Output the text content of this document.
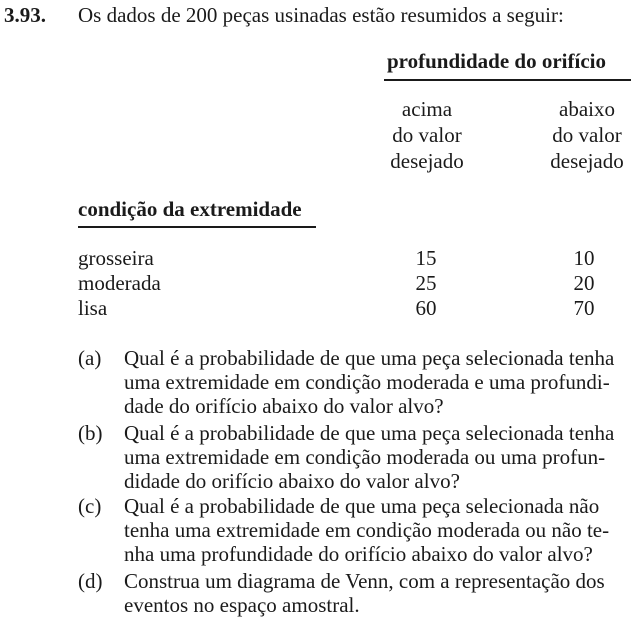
3.93. Os dados de 200 peças usinadas estão resumidos a seguir:
profundidade do orifício
acima
do valor
desejado
abaixo
do valor
desejado
condição da extremidade
grosseira	15	10
moderada	25	20
lisa	60	70
(a) Qual é a probabilidade de que uma peça selecionada tenha
uma extremidade em condição moderada e uma profundi-
dade do orifício abaixo do valor alvo?
(b) Qual é a probabilidade de que uma peça selecionada tenha
uma extremidade em condição moderada ou uma profun-
didade do orifício abaixo do valor alvo?
(c) Qual é a probabilidade de que uma peça selecionada não
tenha uma extremidade em condição moderada ou não te-
nha uma profundidade do orifício abaixo do valor alvo?
(d) Construa um diagrama de Venn, com a representação dos
eventos no espaço amostral.
